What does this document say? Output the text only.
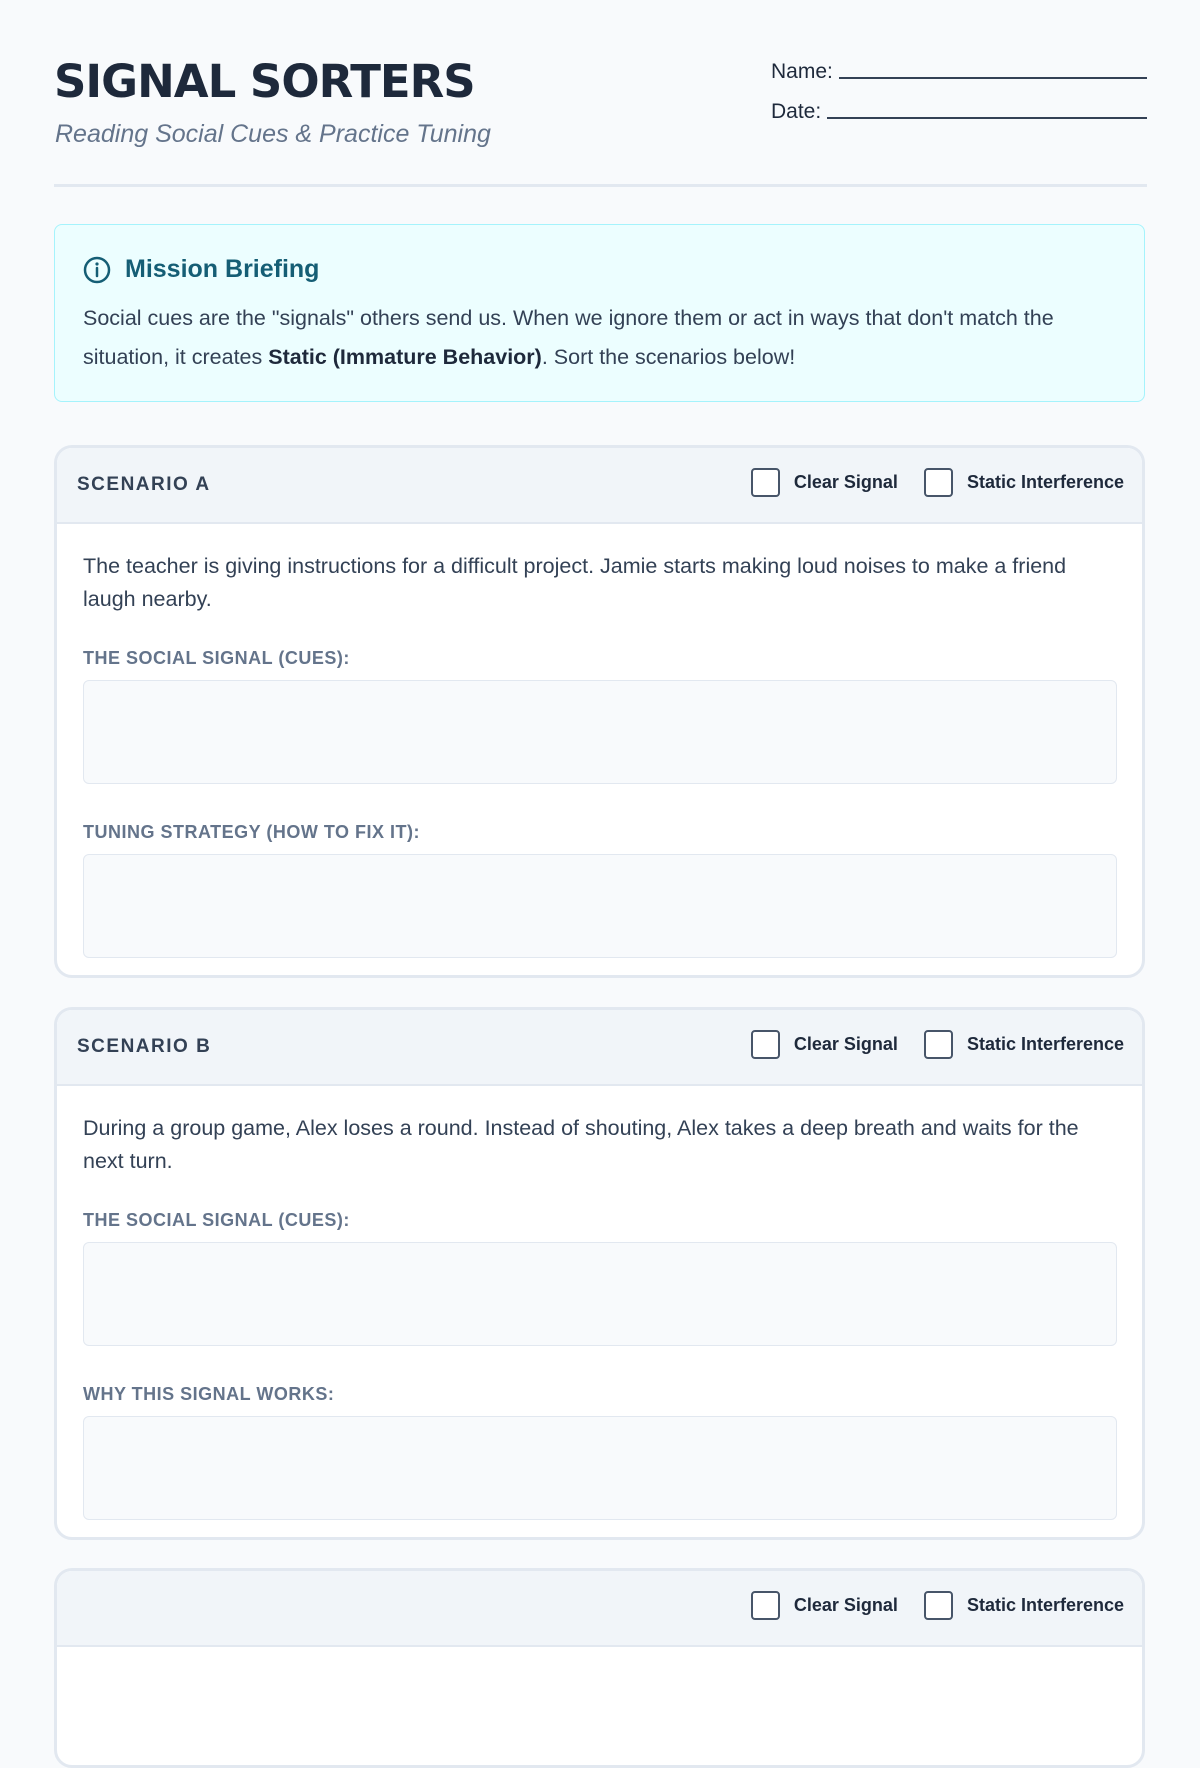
SIGNAL SORTERS
Reading Social Cues & Practice Tuning
Name:
Date:
Mission Briefing
Social cues are the "signals" others send us. When we ignore them or act in ways that don't match the situation, it creates Static (Immature Behavior). Sort the scenarios below!
SCENARIO A	Clear Signal	Static Interference

The teacher is giving instructions for a difficult project. Jamie starts making loud noises to make a friend laugh nearby.

THE SOCIAL SIGNAL (CUES):
TUNING STRATEGY (HOW TO FIX IT):
SCENARIO B	Clear Signal	Static Interference

During a group game, Alex loses a round. Instead of shouting, Alex takes a deep breath and waits for the next turn.

THE SOCIAL SIGNAL (CUES):
WHY THIS SIGNAL WORKS:
Clear Signal	Static Interference
